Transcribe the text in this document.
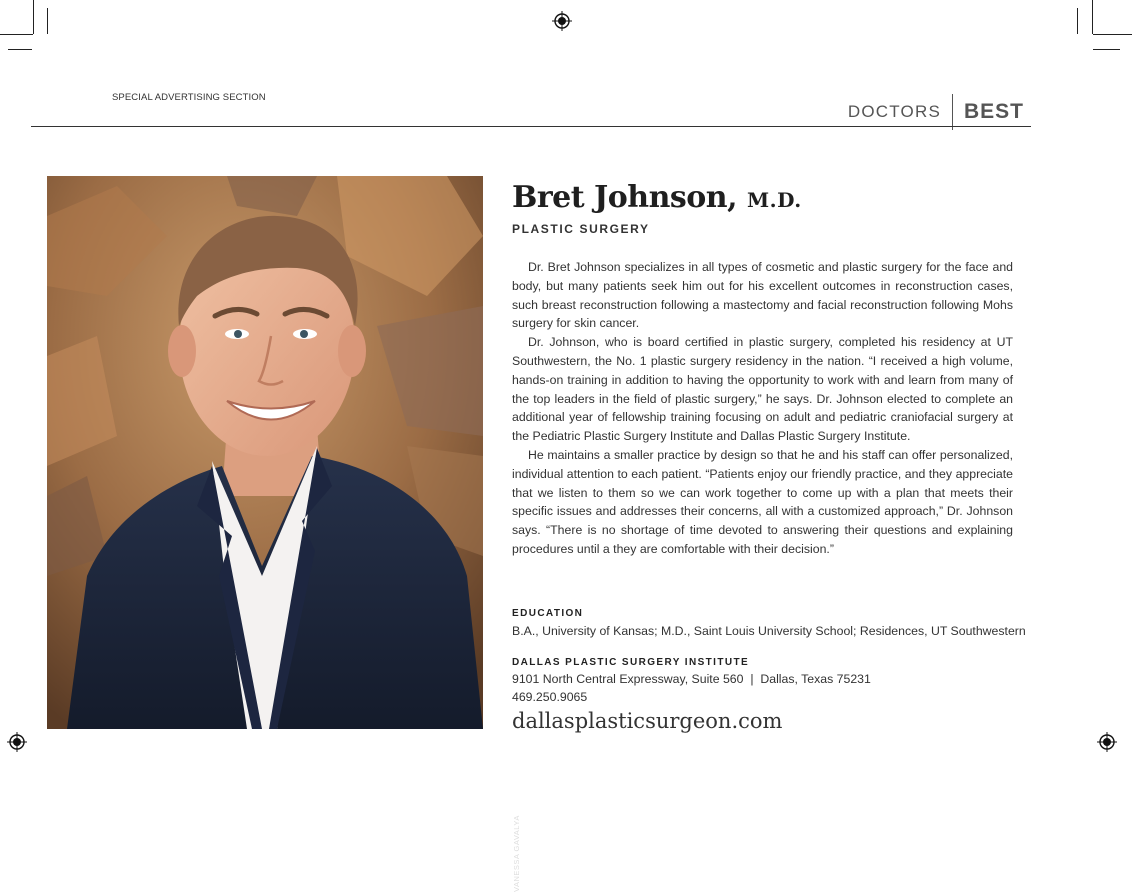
SPECIAL ADVERTISING SECTION
DOCTORS BEST
VANESSA GAVALYA
Bret Johnson, M.D.
PLASTIC SURGERY

Dr. Bret Johnson specializes in all types of cosmetic and plastic surgery for the face and body, but many patients seek him out for his excellent outcomes in reconstruction cases, such breast reconstruction following a mastectomy and facial reconstruction following Mohs surgery for skin cancer.

Dr. Johnson, who is board certified in plastic surgery, completed his residency at UT Southwestern, the No. 1 plastic surgery residency in the nation. “I received a high volume, hands-on training in addition to having the opportunity to work with and learn from many of the top leaders in the field of plastic surgery,” he says. Dr. Johnson elected to complete an additional year of fellowship training focusing on adult and pediatric craniofacial surgery at the Pediatric Plastic Surgery Institute and Dallas Plastic Surgery Institute.

He maintains a smaller practice by design so that he and his staff can offer personalized, individual attention to each patient. “Patients enjoy our friendly practice, and they appreciate that we listen to them so we can work together to come up with a plan that meets their specific issues and addresses their concerns, all with a customized approach,” Dr. Johnson says. “There is no shortage of time devoted to answering their questions and explaining procedures until a they are comfortable with their decision.”

EDUCATION
B.A., University of Kansas; M.D., Saint Louis University School; Residences, UT Southwestern
DALLAS PLASTIC SURGERY INSTITUTE
9101 North Central Expressway, Suite 560  |  Dallas, Texas 75231
469.250.9065
dallasplasticsurgeon.com
